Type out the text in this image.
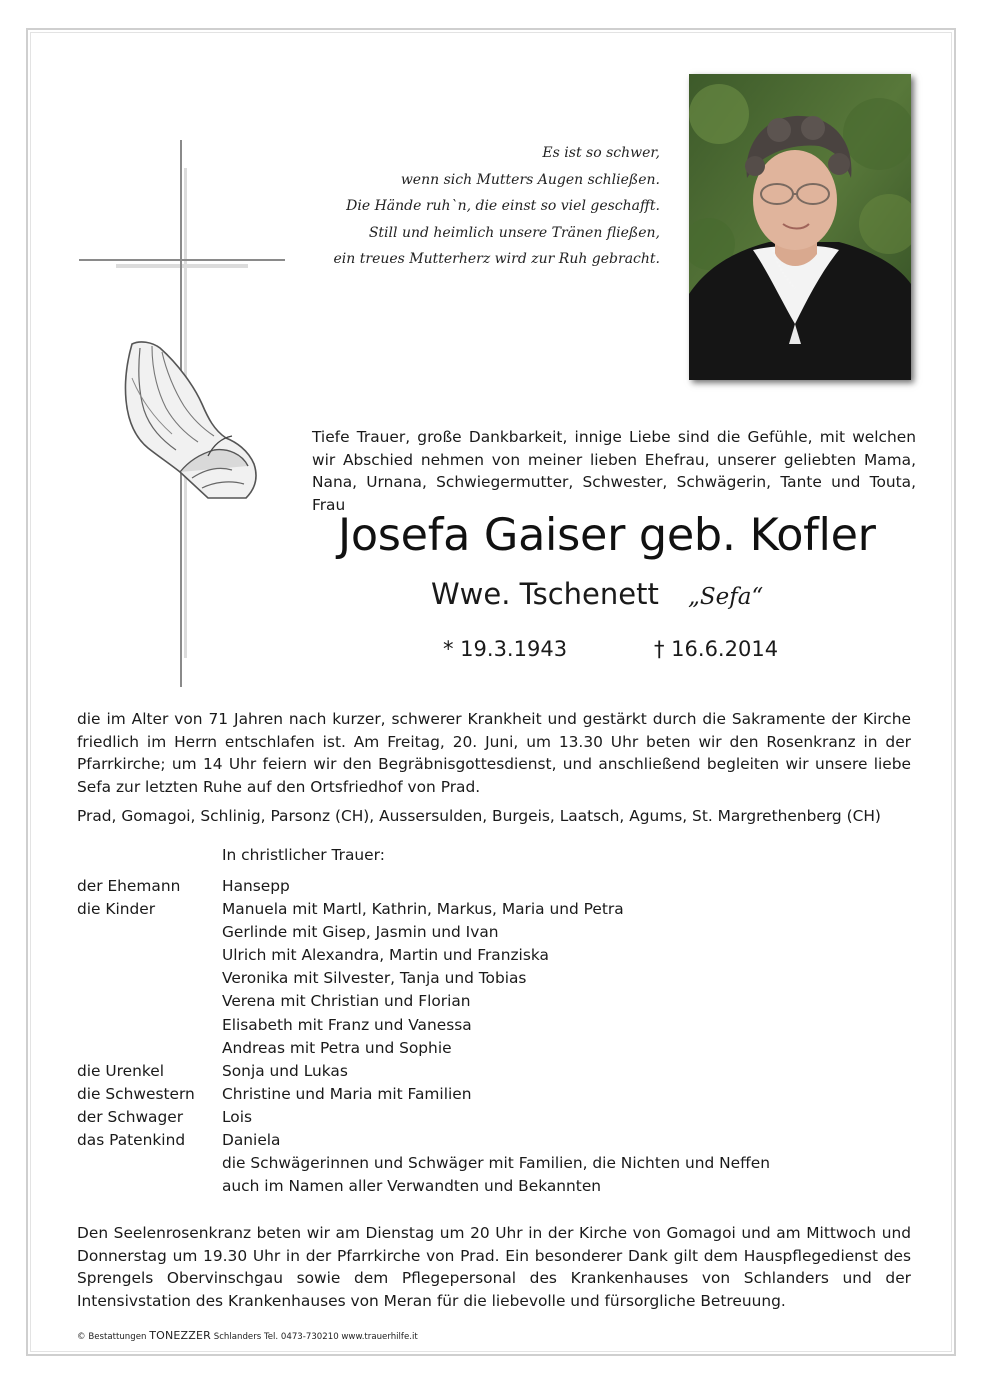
Es ist so schwer,
wenn sich Mutters Augen schließen.
Die Hände ruh`n, die einst so viel geschafft.
Still und heimlich unsere Tränen fließen,
ein treues Mutterherz wird zur Ruh gebracht.
Tiefe Trauer, große Dankbarkeit, innige Liebe sind die Gefühle, mit welchen wir Abschied nehmen von meiner lieben Ehefrau, unserer geliebten Mama, Nana, Urnana, Schwiegermutter, Schwester, Schwägerin, Tante und Touta, Frau
Josefa Gaiser geb. Kofler
Wwe. Tschenett „Sefa“
* 19.3.1943	† 16.6.2014
die im Alter von 71 Jahren nach kurzer, schwerer Krankheit und gestärkt durch die Sakramente der Kirche friedlich im Herrn entschlafen ist. Am Freitag, 20. Juni, um 13.30 Uhr beten wir den Rosenkranz in der Pfarrkirche; um 14 Uhr feiern wir den Begräbnisgottesdienst, und anschließend begleiten wir unsere liebe Sefa zur letzten Ruhe auf den Ortsfriedhof von Prad.
Prad, Gomagoi, Schlinig, Parsonz (CH), Aussersulden, Burgeis, Laatsch, Agums, St. Margrethenberg (CH)
In christlicher Trauer:
der Ehemann	Hansepp
die Kinder	Manuela mit Martl, Kathrin, Markus, Maria und Petra
Gerlinde mit Gisep, Jasmin und Ivan
Ulrich mit Alexandra, Martin und Franziska
Veronika mit Silvester, Tanja und Tobias
Verena mit Christian und Florian
Elisabeth mit Franz und Vanessa
Andreas mit Petra und Sophie
die Urenkel	Sonja und Lukas
die Schwestern	Christine und Maria mit Familien
der Schwager	Lois
das Patenkind	Daniela
die Schwägerinnen und Schwäger mit Familien, die Nichten und Neffen
auch im Namen aller Verwandten und Bekannten
Den Seelenrosenkranz beten wir am Dienstag um 20 Uhr in der Kirche von Gomagoi und am Mittwoch und Donnerstag um 19.30 Uhr in der Pfarrkirche von Prad. Ein besonderer Dank gilt dem Hauspflegedienst des Sprengels Obervinschgau sowie dem Pflegepersonal des Krankenhauses von Schlanders und der Intensivstation des Krankenhauses von Meran für die liebevolle und fürsorgliche Betreuung.
© Bestattungen TONEZZER Schlanders Tel. 0473-730210 www.trauerhilfe.it
